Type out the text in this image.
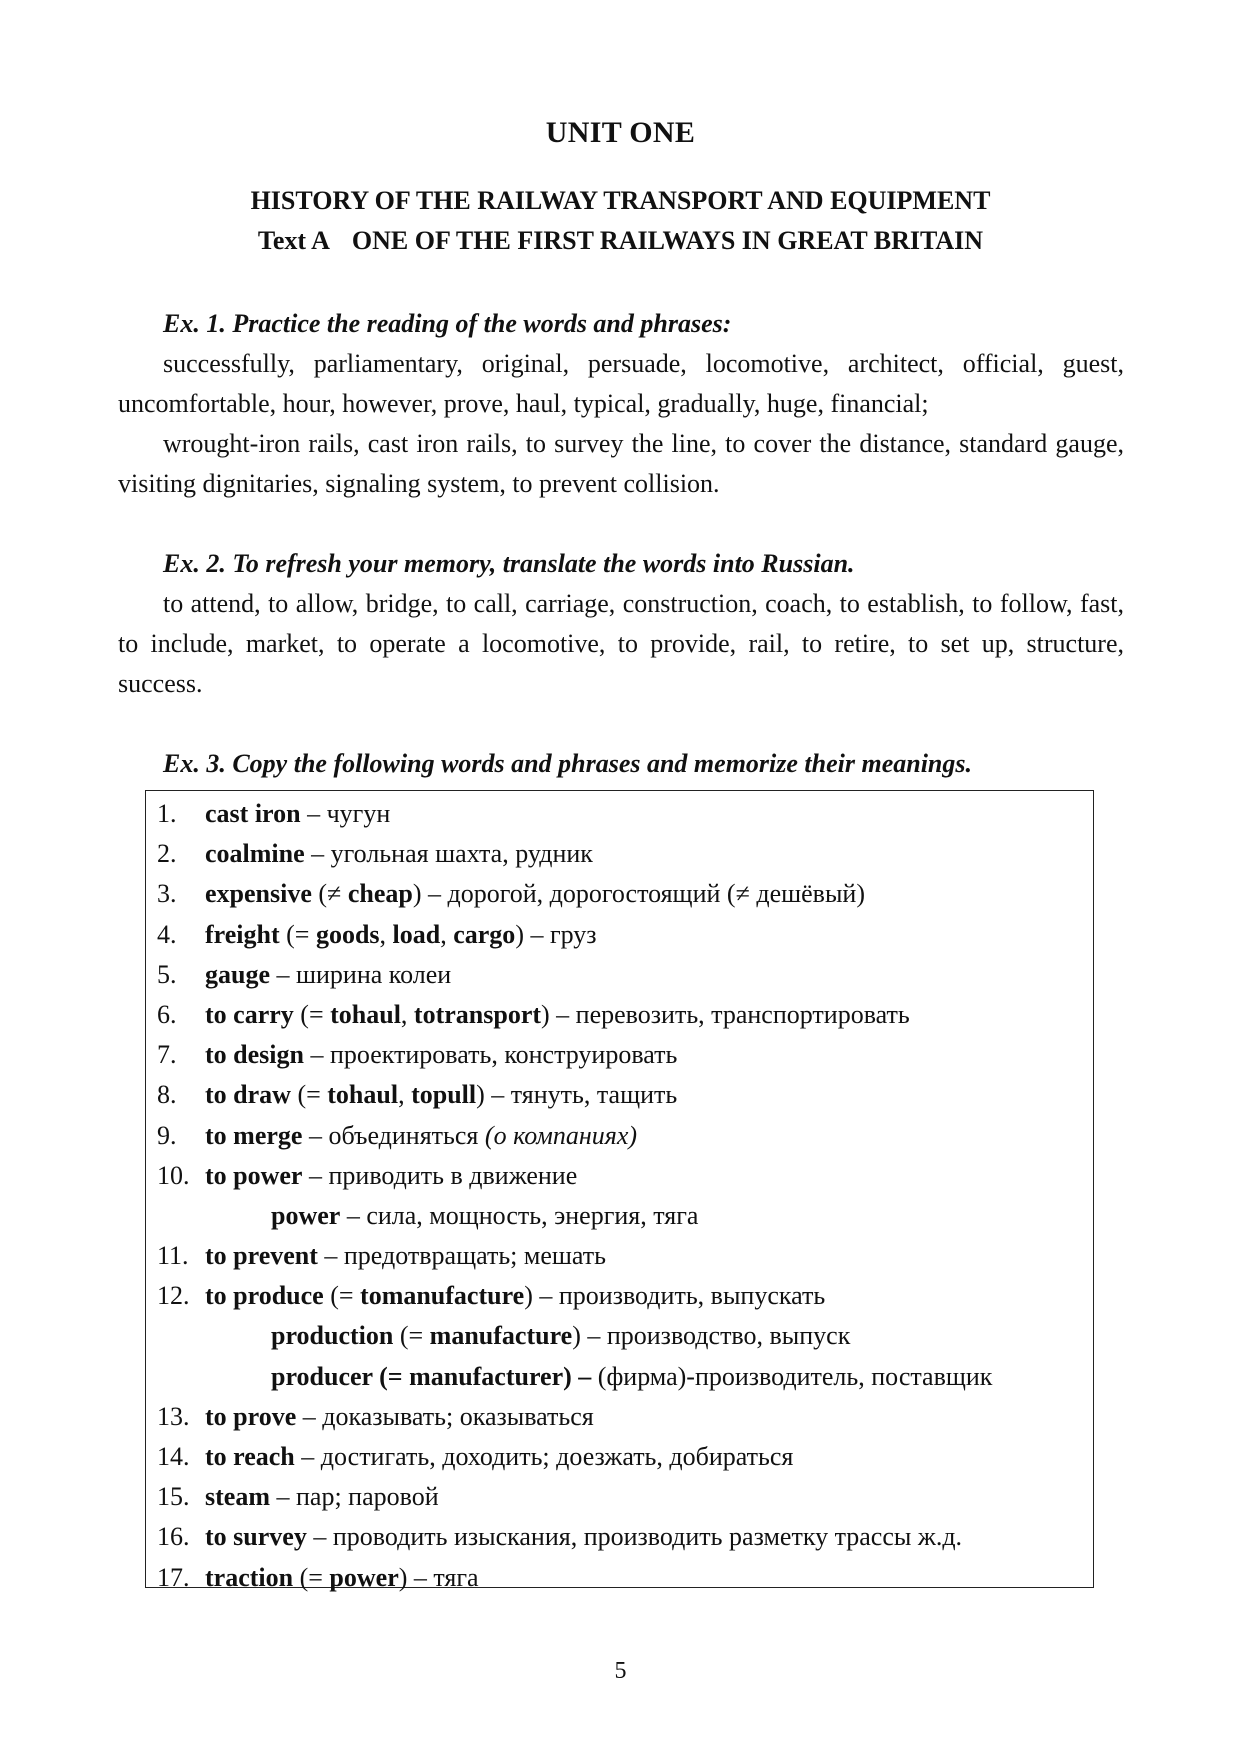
UNIT ONE
HISTORY OF THE RAILWAY TRANSPORT AND EQUIPMENT
Text A ONE OF THE FIRST RAILWAYS IN GREAT BRITAIN
Ex. 1. Practice the reading of the words and phrases:

successfully, parliamentary, original, persuade, locomotive, architect, official, guest, uncomfortable, hour, however, prove, haul, typical, gradually, huge, financial;

wrought-iron rails, cast iron rails, to survey the line, to cover the distance, standard gauge, visiting dignitaries, signaling system, to prevent collision.

Ex. 2. To refresh your memory, translate the words into Russian.

to attend, to allow, bridge, to call, carriage, construction, coach, to establish, to follow, fast, to include, market, to operate a locomotive, to provide, rail, to retire, to set up, structure, success.

Ex. 3. Copy the following words and phrases and memorize their meanings.
1.	cast iron – чугун
2.	coalmine – угольная шахта, рудник
3.	expensive (≠ cheap) – дорогой, дорогостоящий (≠ дешёвый)
4.	freight (= goods, load, cargo) – груз
5.	gauge – ширина колеи
6.	to carry (= tohaul, totransport) – перевозить, транспортировать
7.	to design – проектировать, конструировать
8.	to draw (= tohaul, topull) – тянуть, тащить
9.	to merge – объединяться (о компаниях)
10. to power – приводить в движение
power – сила, мощность, энергия, тяга
11. to prevent – предотвращать; мешать
12. to produce (= tomanufacture) – производить, выпускать
production (= manufacture) – производство, выпуск
producer (= manufacturer) – (фирма)-производитель, поставщик
13. to prove – доказывать; оказываться
14. to reach – достигать, доходить; доезжать, добираться
15. steam – пар; паровой
16. to survey – проводить изыскания, производить разметку трассы ж.д.
17. traction (= power) – тяга
5
